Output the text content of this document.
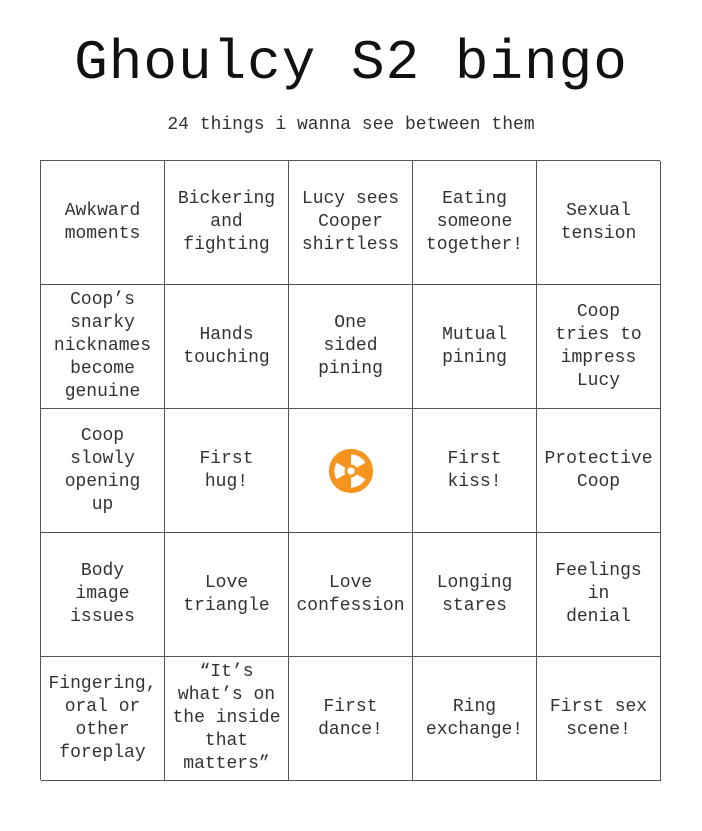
Ghoulcy S2 bingo
24 things i wanna see between them
Awkward
moments
Bickering
and
fighting
Lucy sees
Cooper
shirtless
Eating
someone
together!
Sexual
tension
Coop’s
snarky
nicknames
become
genuine
Hands
touching
One
sided
pining
Mutual
pining
Coop
tries to
impress
Lucy
Coop
slowly
opening
up
First
hug!
First
kiss!
Protective
Coop
Body
image
issues
Love
triangle
Love
confession
Longing
stares
Feelings
in
denial
Fingering,
oral or
other
foreplay
“It’s
what’s on
the inside
that
matters”
First
dance!
Ring
exchange!
First sex
scene!
